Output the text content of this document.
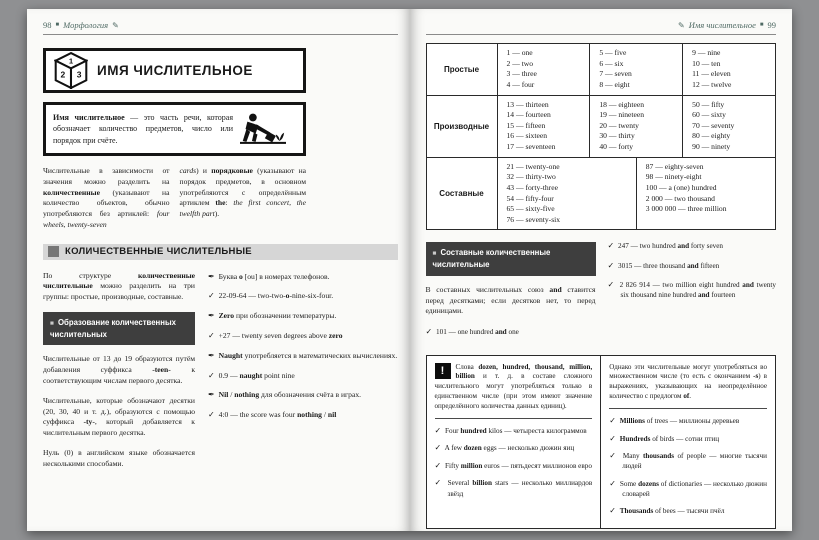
98 ■ Морфология ✎
1
2 3 ИМЯ ЧИСЛИТЕЛЬНОЕ
Имя числительное — это часть речи, которая обозначает количество предметов, число или порядок при счёте.
Числительные в зависимости от значения можно разделить на количественные (указывают на количество объектов, обычно употребляются без артиклей: four wheels, twenty-seven
cards) и порядковые (указывают на порядок предметов, в основном употребляются с определённым артиклем the: the first concert, the twelfth part).
КОЛИЧЕСТВЕННЫЕ ЧИСЛИТЕЛЬНЫЕ

По структуре количественные числительные можно разделить на три группы: простые, производные, составные.

■ Образование количественных числительных

Числительные от 13 до 19 образуются путём добавления суффикса -teen- к соответствующим числам первого десятка.

Числительные, которые обозначают десятки (20, 30, 40 и т. д.), образуются с помощью суффикса -ty-, который добавляется к числительным первого десятка.

Нуль (0) в английском языке обозначается несколькими способами.

✒ Буква o [ou] в номерах телефонов.
✓ 22-09-64 — two-two-o-nine-six-four.
✒ Zero при обозначении температуры.
✓ +27 — twenty seven degrees above zero
✒ Naught употребляется в математических вычислениях.
✓ 0.9 — naught point nine
✒ Nil / nothing для обозначения счёта в играх.
✓ 4:0 — the score was four nothing / nil
✎ Имя числительное ■ 99
Простые
1 — one
2 — two
3 — three
4 — four
5 — five
6 — six
7 — seven
8 — eight
9 — nine
10 — ten
11 — eleven
12 — twelve
Производные
13 — thirteen
14 — fourteen
15 — fifteen
16 — sixteen
17 — seventeen
18 — eighteen
19 — nineteen
20 — twenty
30 — thirty
40 — forty
50 — fifty
60 — sixty
70 — seventy
80 — eighty
90 — ninety
Составные
21 — twenty-one
32 — thirty-two
43 — forty-three
54 — fifty-four
65 — sixty-five
76 — seventy-six
87 — eighty-seven
98 — ninety-eight
100 — a (one) hundred
2 000 — two thousand
3 000 000 — three million
■ Составные количественные числительные

В составных числительных союз and ставится перед десятками; если десятков нет, то перед единицами.

✓ 101 — one hundred and one
✓ 247 — two hundred and forty seven
✓ 3015 — three thousand and fifteen
✓ 2 826 914 — two million eight hundred and twenty six thousand nine hundred and fourteen
!	Слова dozen, hundred, thousand, million, billion и т. д. в составе сложного числительного могут употребляться только в единственном числе (при этом имеют значение определённого количества данных единиц).
✓ Four hundred kilos — четыреста килограммов
✓ A few dozen eggs — несколько дюжин яиц
✓ Fifty million euros — пятьдесят миллионов евро
✓ Several billion stars — несколько миллиардов звёзд
Однако эти числительные могут употребляться во множественном числе (то есть с окончанием -s) в выражениях, указывающих на неопределённое количество с предлогом of.
✓ Millions of trees — миллионы деревьев
✓ Hundreds of birds — сотни птиц
✓ Many thousands of people — многие тысячи людей
✓ Some dozens of dictionaries — несколько дюжин словарей
✓ Thousands of bees — тысячи пчёл
